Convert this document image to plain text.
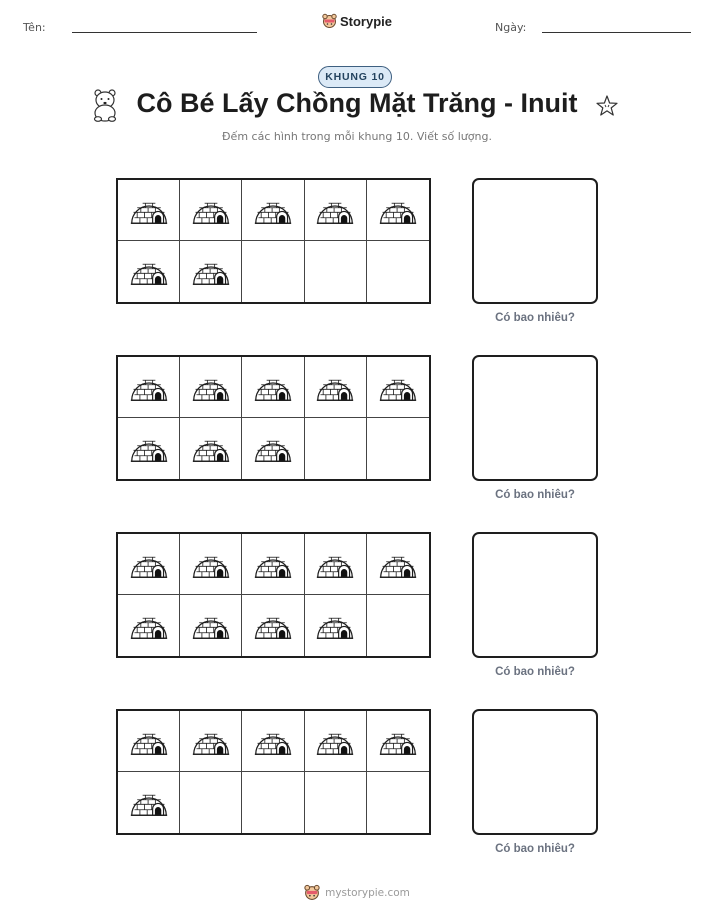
Tên:	Storypie	Ngày:
KHUNG 10
Cô Bé Lấy Chồng Mặt Trăng - Inuit
Đếm các hình trong mỗi khung 10. Viết số lượng.
Có bao nhiêu?
Có bao nhiêu?
Có bao nhiêu?
Có bao nhiêu?
mystorypie.com
